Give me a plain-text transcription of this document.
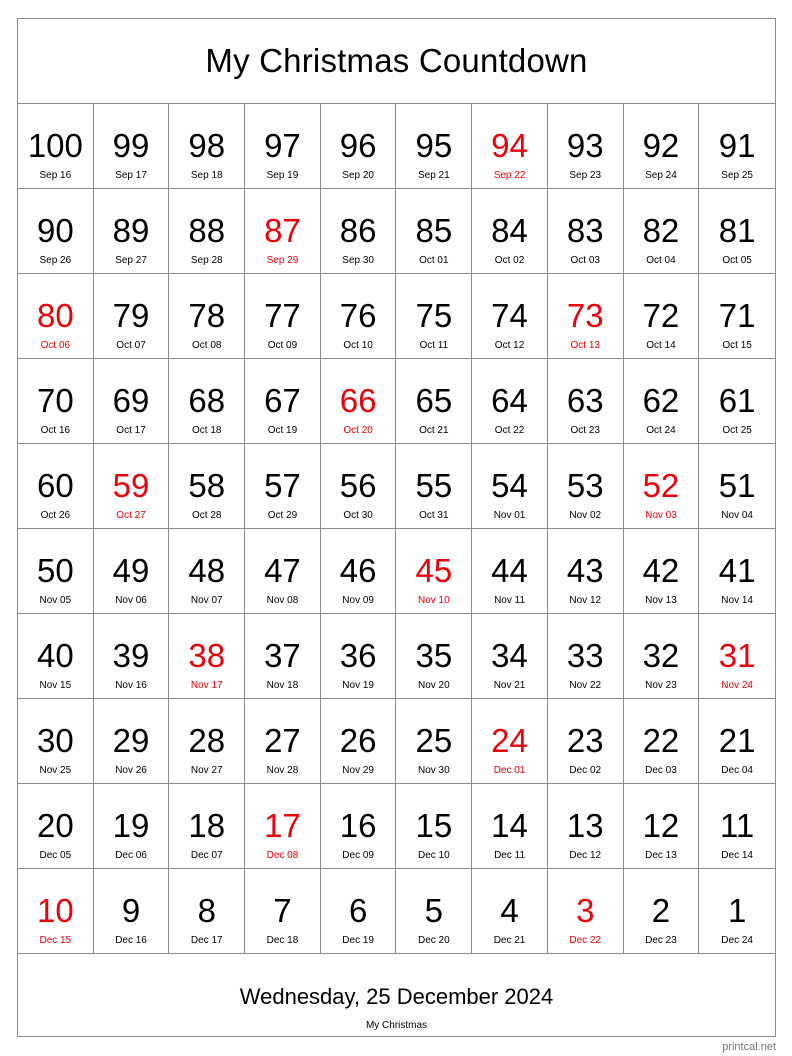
My Christmas Countdown
100
Sep 16
99
Sep 17
98
Sep 18
97
Sep 19
96
Sep 20
95
Sep 21
94
Sep 22
93
Sep 23
92
Sep 24
91
Sep 25
90
Sep 26
89
Sep 27
88
Sep 28
87
Sep 29
86
Sep 30
85
Oct 01
84
Oct 02
83
Oct 03
82
Oct 04
81
Oct 05
80
Oct 06
79
Oct 07
78
Oct 08
77
Oct 09
76
Oct 10
75
Oct 11
74
Oct 12
73
Oct 13
72
Oct 14
71
Oct 15
70
Oct 16
69
Oct 17
68
Oct 18
67
Oct 19
66
Oct 20
65
Oct 21
64
Oct 22
63
Oct 23
62
Oct 24
61
Oct 25
60
Oct 26
59
Oct 27
58
Oct 28
57
Oct 29
56
Oct 30
55
Oct 31
54
Nov 01
53
Nov 02
52
Nov 03
51
Nov 04
50
Nov 05
49
Nov 06
48
Nov 07
47
Nov 08
46
Nov 09
45
Nov 10
44
Nov 11
43
Nov 12
42
Nov 13
41
Nov 14
40
Nov 15
39
Nov 16
38
Nov 17
37
Nov 18
36
Nov 19
35
Nov 20
34
Nov 21
33
Nov 22
32
Nov 23
31
Nov 24
30
Nov 25
29
Nov 26
28
Nov 27
27
Nov 28
26
Nov 29
25
Nov 30
24
Dec 01
23
Dec 02
22
Dec 03
21
Dec 04
20
Dec 05
19
Dec 06
18
Dec 07
17
Dec 08
16
Dec 09
15
Dec 10
14
Dec 11
13
Dec 12
12
Dec 13
11
Dec 14
10
Dec 15
9
Dec 16
8
Dec 17
7
Dec 18
6
Dec 19
5
Dec 20
4
Dec 21
3
Dec 22
2
Dec 23
1
Dec 24
Wednesday, 25 December 2024
My Christmas
printcal.net
